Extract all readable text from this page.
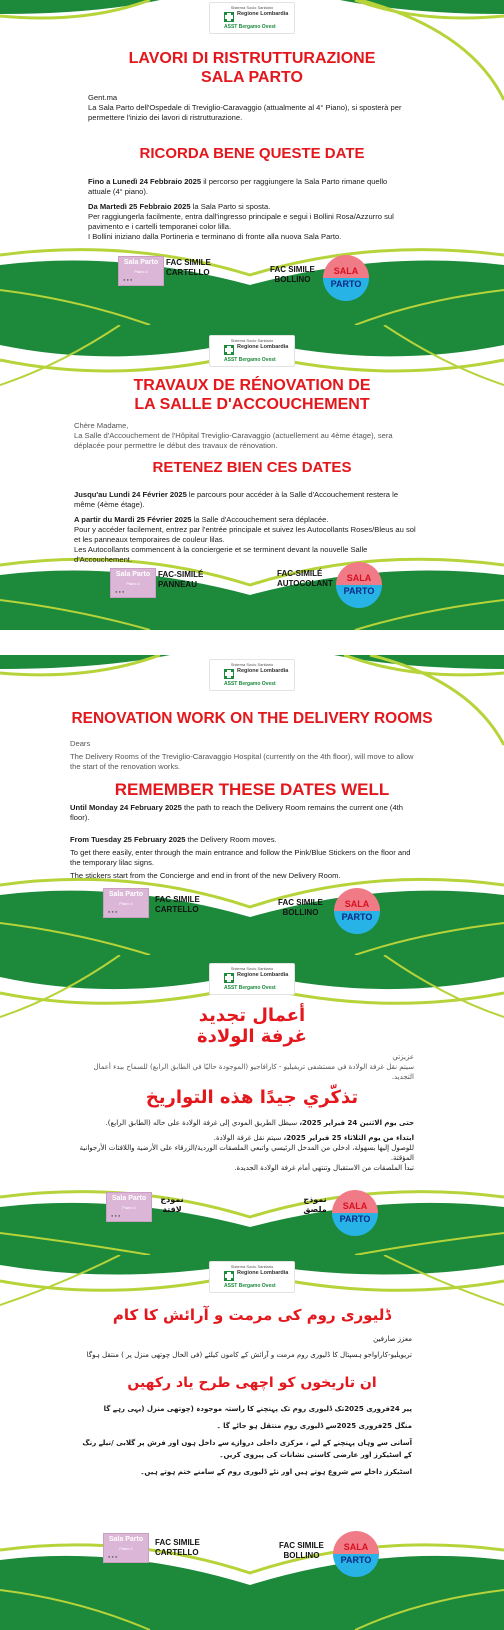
Sistema Socio Sanitario
Regione Lombardia
ASST Bergamo Ovest
LAVORI DI RISTRUTTURAZIONE
SALA PARTO

Gent.ma

La Sala Parto dell'Ospedale di Treviglio-Caravaggio (attualmente al 4° Piano), si sposterà per permettere l'inizio dei lavori di ristrutturazione.

RICORDA BENE QUESTE DATE

Fino a Lunedì 24 Febbraio 2025 il percorso per raggiungere la Sala Parto rimane quello attuale (4° piano).

Da Martedì 25 Febbraio 2025 la Sala Parto si sposta.

Per raggiungerla facilmente, entra dall'ingresso principale e segui i Bollini Rosa/Azzurro sul pavimento e i cartelli temporanei color lilla.

I Bollini iniziano dalla Portineria e terminano di fronte alla nuova Sala Parto.

Sala Parto
Piano 4
● ● ●
FAC SIMILE
CARTELLO	FAC SIMILE
BOLLINO
SALA
PARTO
Sistema Socio Sanitario
Regione Lombardia
ASST Bergamo Ovest
TRAVAUX DE RÉNOVATION DE
LA SALLE D'ACCOUCHEMENT

Chère Madame,

La Salle d'Accouchement de l'Hôpital Treviglio-Caravaggio (actuellement au 4ème étage), sera déplacée pour permettre le début des travaux de rénovation.

RETENEZ BIEN CES DATES

Jusqu'au Lundi 24 Février 2025 le parcours pour accéder à la Salle d'Accouchement restera le même (4ème étage).

A partir du Mardi 25 Février 2025 la Salle d'Accouchement sera déplacée.

Pour y accéder facilement, entrez par l'entrée principale et suivez les Autocollants Roses/Bleus au sol et les panneaux temporaires de couleur lilas.

Les Autocollants commencent à la conciergerie et se terminent devant la nouvelle Salle d'Accouchement.

Sala Parto
Piano 4
● ● ●
FAC-SIMILÉ
PANNEAU
FAC-SIMILÉ
AUTOCOLANT
SALA
PARTO
Sistema Socio Sanitario
Regione Lombardia
ASST Bergamo Ovest
RENOVATION WORK ON THE DELIVERY ROOMS

Dears

The Delivery Rooms of the Treviglio-Caravaggio Hospital (currently on the 4th floor), will move to allow the start of the renovation works.

REMEMBER THESE DATES WELL

Until Monday 24 February 2025 the path to reach the Delivery Room remains the current one (4th floor).

From Tuesday 25 February 2025 the Delivery Room moves.

To get there easily, enter through the main entrance and follow the Pink/Blue Stickers on the floor and the temporary lilac signs.

The stickers start from the Concierge and end in front of the new Delivery Room.

Sala Parto
Piano 4
● ● ●
FAC SIMILE
CARTELLO
FAC SIMILE
BOLLINO
SALA
PARTO
Sistema Socio Sanitario
Regione Lombardia
ASST Bergamo Ovest
أعمال تجديد
غرفة الولادة

عزيزتي

سيتم نقل غرفة الولادة في مستشفى تريفيليو - كارافاجيو (الموجودة حاليًا في الطابق الرابع) للسماح ببدء أعمال التجديد.

تذكّري جيدًا هذه التواريخ

حتى يوم الاثنين 24 فبراير 2025، سيظل الطريق المودي إلى غرفة الولادة على حاله (الطابق الرابع).

ابتداء من يوم الثلاثاء 25 فبراير 2025، سيتم نقل غرفة الولادة.

للوصول إليها بسهولة، ادخلي من المدخل الرئيسي واتبعي الملصقات الوردية/الزرقاء على الأرضية واللافتات الأرجوانية المؤقتة.

تبدأ الملصقات من الاستقبال وتنتهي أمام غرفة الولادة الجديدة.

Sala Parto
Piano 4
● ● ●
نموذج
لافتة
نموذج
ملصق	SALA
PARTO
Sistema Socio Sanitario
Regione Lombardia
ASST Bergamo Ovest
ڈلیوری روم کی مرمت و آرائش کا کام

معزز صارفین

تریویلیو-کاراواجو ہسپتال کا ڈلیوری روم مرمت و آرائش کے کاموں کیلئے (فی الحال چوتھی منزل پر ) منتقل ہوگا

ان تاریخوں کو اچھی طرح یاد رکھیں

پیر 24فروری 2025تک ڈلیوری روم تک پہنچنے کا راستہ موجودہ (چوتھی منزل (یہی رہے گا

منگل 25فروری 2025سے ڈلیوری روم منتقل ہو جائے گا ۔

آسانی سے وہاں پہنچنے کے لیے ، مرکزی داخلی دروازے سے داخل ہوں اور فرش پر گلابی /نیلے رنگ کے اسٹیکرز اور عارضی کاسنی نشانات کی پیروی کریں۔

اسٹیکرز داخلے سے شروع ہوتے ہیں اور نئے ڈلیوری روم کے سامنے ختم ہوتے ہیں۔

Sala Parto
Piano 4
● ● ●
FAC SIMILE
CARTELLO
FAC SIMILE
BOLLINO
SALA
PARTO
